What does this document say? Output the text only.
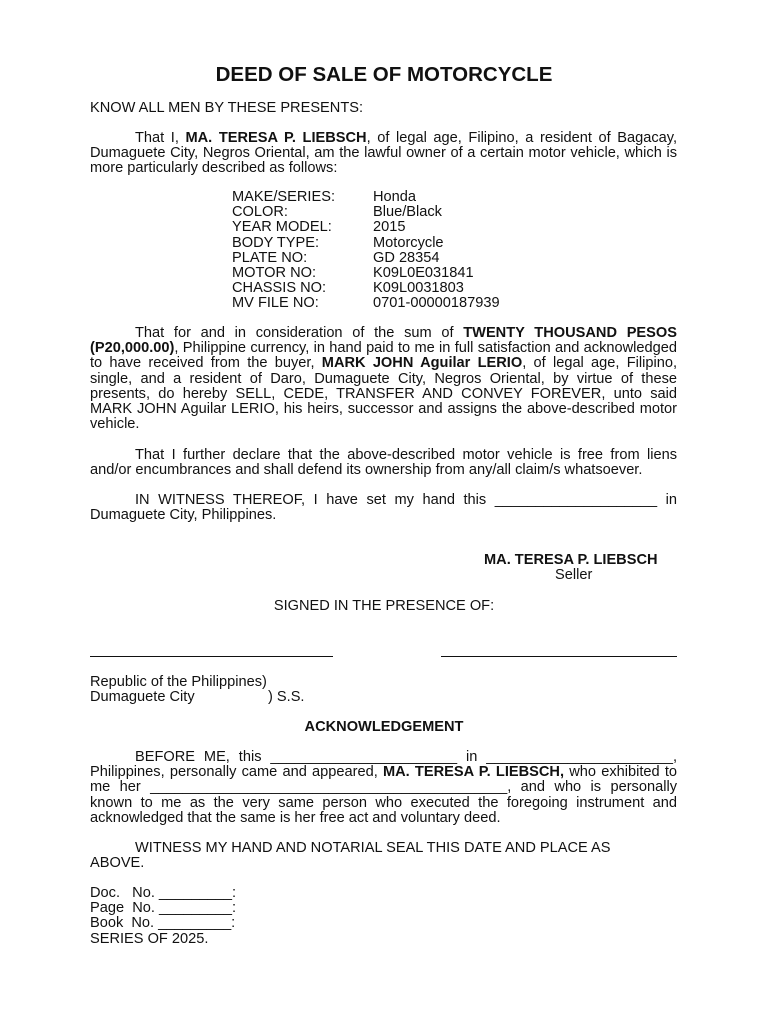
DEED OF SALE OF MOTORCYCLE
KNOW ALL MEN BY THESE PRESENTS:
That I, MA. TERESA P. LIEBSCH, of legal age, Filipino, a resident of Bagacay, Dumaguete City, Negros Oriental, am the lawful owner of a certain motor vehicle, which is more particularly described as follows:
MAKE/SERIES:	Honda
COLOR:	Blue/Black
YEAR MODEL:	2015
BODY TYPE:	Motorcycle
PLATE NO:	GD 28354
MOTOR NO:	K09L0E031841
CHASSIS NO:	K09L0031803
MV FILE NO:	0701-00000187939
That for and in consideration of the sum of TWENTY THOUSAND PESOS (P20,000.00), Philippine currency, in hand paid to me in full satisfaction and acknowledged to have received from the buyer, MARK JOHN Aguilar LERIO, of legal age, Filipino, single, and a resident of Daro, Dumaguete City, Negros Oriental, by virtue of these presents, do hereby SELL, CEDE, TRANSFER AND CONVEY FOREVER, unto said MARK JOHN Aguilar LERIO, his heirs, successor and assigns the above-described motor vehicle.
That I further declare that the above-described motor vehicle is free from liens and/or encumbrances and shall defend its ownership from any/all claim/s whatsoever.
IN WITNESS THEREOF, I have set my hand this ____________________ in Dumaguete City, Philippines.
MA. TERESA P. LIEBSCH
Seller
SIGNED IN THE PRESENCE OF:
Republic of the Philippines)
Dumaguete City	) S.S.
ACKNOWLEDGEMENT
BEFORE ME, this _______________________ in _______________________, Philippines, personally came and appeared, MA. TERESA P. LIEBSCH, who exhibited to me her ____________________________________________, and who is personally known to me as the very same person who executed the foregoing instrument and acknowledged that the same is her free act and voluntary deed.
WITNESS MY HAND AND NOTARIAL SEAL THIS DATE AND PLACE AS ABOVE.
Doc.   No. _________:
Page  No. _________:
Book  No. _________:
SERIES OF 2025.
